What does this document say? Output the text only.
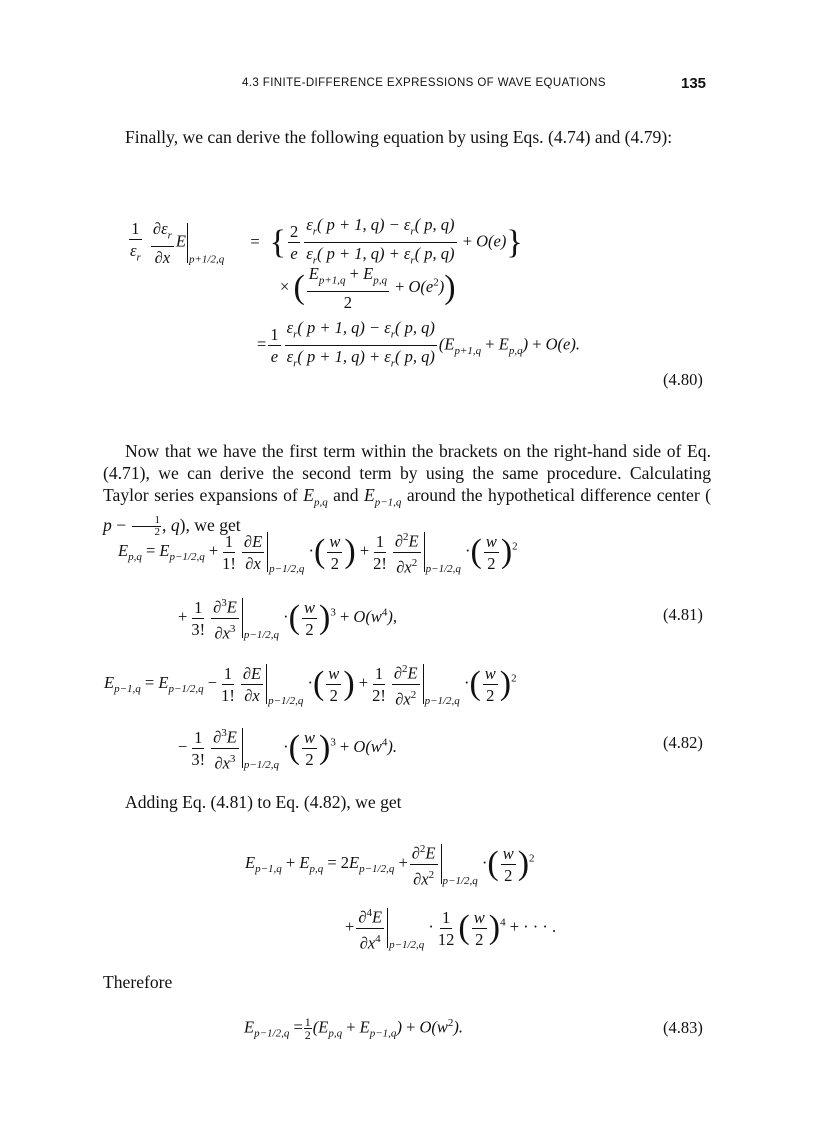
4.3 FINITE-DIFFERENCE EXPRESSIONS OF WAVE EQUATIONS	135
Finally, we can derive the following equation by using Eqs. (4.74) and (4.79):
$\frac{1}{\varepsilon_r}$
$\frac{\partial\varepsilon_r}{\partial x} E_{p+1/2,q}$ = { $\frac{2}{e} \frac{\varepsilon_r( p + 1, q) - \varepsilon_r( p, q)}{\varepsilon_r( p + 1, q) + \varepsilon_r( p, q)} + O(e)$}
× ( $\frac{E_{p+1,q} + E_{p,q}}{2} + O(e^2)$)
= $\frac{1}{e} \frac{\varepsilon_r( p + 1, q) - \varepsilon_r( p, q)}{\varepsilon_r( p + 1, q) + \varepsilon_r( p, q)} (E_{p+1,q} + E_{p,q}) + O(e)$.
(4.80)
Now that we have the first term within the brackets on the right-hand side of Eq. (4.71), we can derive the second term by using the same procedure. Calculating Taylor series expansions of $E_{p,q}$ and $E_{p-1,q}$ around the hypothetical difference center ( $p - \frac{1}{2}$ , q), we get
$E_{p,q} = E_{p-1/2,q} + \frac{1}{1!} \frac{\partial E}{\partial x} _{p-1/2,q}$ ·( $\frac{w}{2}$ ) + $\frac{1}{2!} \frac{\partial^2E}{\partial x^2} _{p-1/2,q}$ ·( $\frac{w}{2} )^2$
+ $\frac{1}{3!} \frac{\partial^3E}{\partial x^3} _{p-1/2,q}$ ·( $\frac{w}{2} )^3 + O(w^4)$,	(4.81)
$E_{p-1,q} = E_{p-1/2,q} - \frac{1}{1!} \frac{\partial E}{\partial x} _{p-1/2,q}$ ·( $\frac{w}{2}$ ) + $\frac{1}{2!} \frac{\partial^2E}{\partial x^2} _{p-1/2,q}$ ·( $\frac{w}{2} )^2$
− $\frac{1}{3!} \frac{\partial^3E}{\partial x^3} _{p-1/2,q}$ ·( $\frac{w}{2} )^3 + O(w^4)$.	(4.82)
Adding Eq. (4.81) to Eq. (4.82), we get
$E_{p-1,q} + E_{p,q} = 2E_{p-1/2,q} + \frac{\partial^2E}{\partial x^2} _{p-1/2,q}$ ·( $\frac{w}{2} )^2$
+ $\frac{\partial^4E}{\partial x^4} _{p-1/2,q} \cdot \frac{1}{12}$ ( $\frac{w}{2} )^4$ + · · · .
Therefore
$E_{p-1/2,q} = \frac{1}{2} (E_{p,q} + E_{p-1,q}) + O(w^2)$.	(4.83)
